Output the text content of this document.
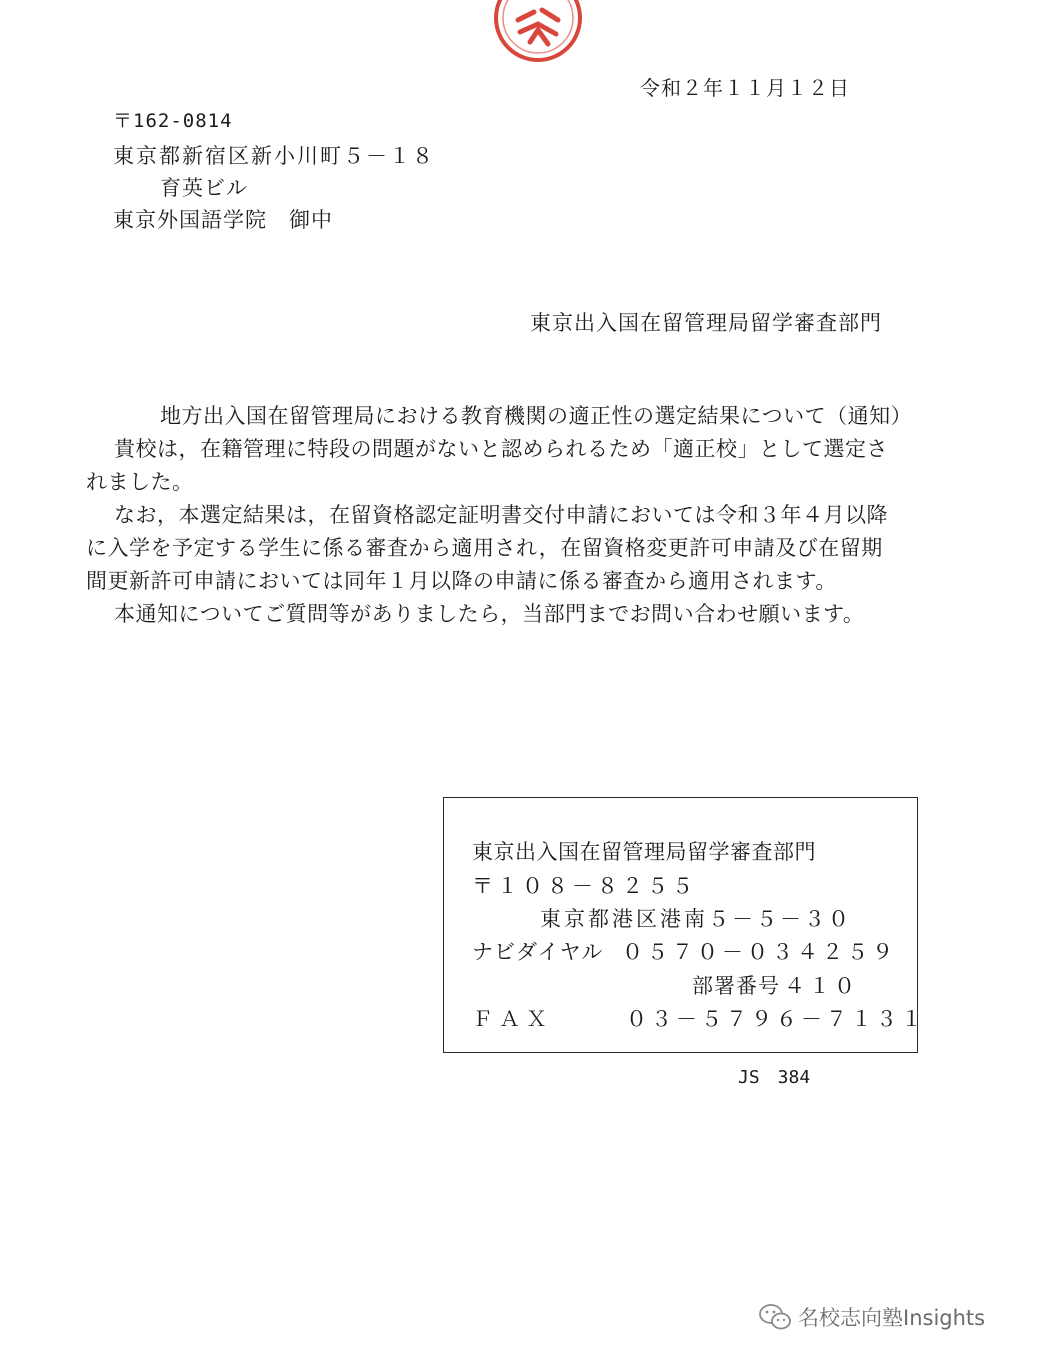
令和２年１１月１２日
〒162-0814
東京都新宿区新小川町５－１８
育英ビル
東京外国語学院　御中
東京出入国在留管理局留学審査部門
地方出入国在留管理局における教育機関の適正性の選定結果について（通知）
貴校は，在籍管理に特段の問題がないと認められるため「適正校」として選定さ
れました。
なお，本選定結果は，在留資格認定証明書交付申請においては令和３年４月以降
に入学を予定する学生に係る審査から適用され，在留資格変更許可申請及び在留期
間更新許可申請においては同年１月以降の申請に係る審査から適用されます。
本通知についてご質問等がありましたら，当部門までお問い合わせ願います。
東京出入国在留管理局留学審査部門
〒１０８－８２５５
東京都港区港南５－５－３０
ナビダイヤル ０５７０－０３４２５９
部署番号 ４１０
ＦＡＸ	０３－５７９６－７１３１
JS　384
名校志向塾Insights
